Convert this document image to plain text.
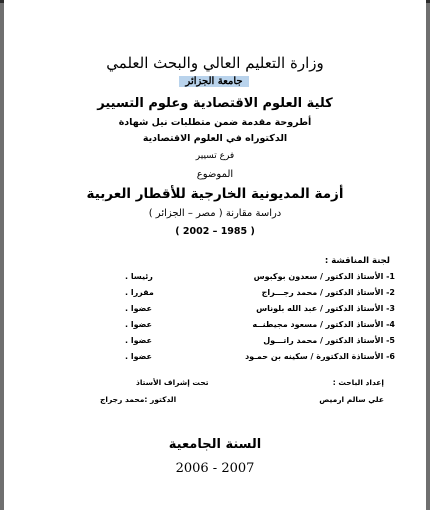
وزارة التعليم العالي والبحث العلمي
جامعة الجزائر
كلية العلوم الاقتصادية وعلوم التسيير
أطروحة مقدمة ضمن متطلبات نيل شهادة
الدكتوراه في العلوم الاقتصادية
فرع تسيير
الموضوع
أزمة المديونية الخارجية للأقطار العربية
دراسة مقارنة ( مصر – الجزائر )
( 1985 – 2002 )
لجنة المناقشة :
1- الأستاذ الدكتور / سعدون بوكبوس
رئيسا .
2- الأستاذ الدكتور / محمد رجـــراج
مقررا .
3- الأستاذ الدكتور / عبد الله بلوناس
عضوا .
4- الأستاذ الدكتور / مسعود مجيطنــه
عضوا .
5- الأستاذ الدكتور / محمد راتـــول
عضوا .
6- الأستاذة الدكتورة / سكينه بن حمـود
عضوا .
إعداد الباحث :
علي سالم ارميص
تحت إشراف الأستاذ
الدكتور :محمد رجراج
السنة الجامعية
2006 - 2007
